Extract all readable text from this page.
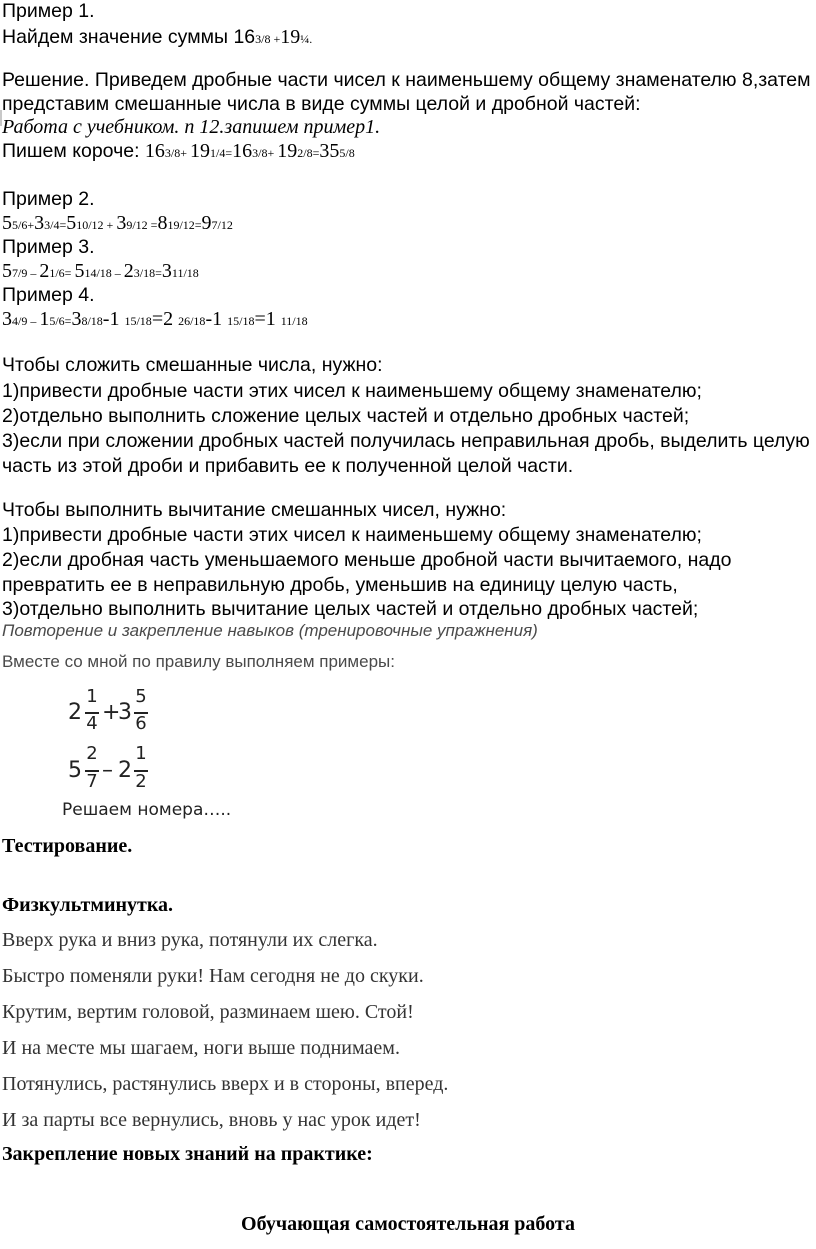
Пример 1.
Найдем значение суммы 163/8 +19¼.
Решение. Приведем дробные части чисел к наименьшему общему знаменателю 8,затем
представим смешанные числа в виде суммы целой и дробной частей:
Работа с учебником. п 12.запишем пример1.
Пишем короче: 163/8+ 191/4=163/8+ 192/8=355/8
Пример 2.
55/6+33/4=510/12 + 39/12 =819/12=97/12
Пример 3.
57/9 – 21/6= 514/18 – 23/18=311/18
Пример 4.
34/9 – 15/6=38/18-1 15/18=2 26/18-1 15/18=1 11/18
Чтобы сложить смешанные числа, нужно:
1)привести дробные части этих чисел к наименьшему общему знаменателю;
2)отдельно выполнить сложение целых частей и отдельно дробных частей;
3)если при сложении дробных частей получилась неправильная дробь, выделить целую
часть из этой дроби и прибавить ее к полученной целой части.
Чтобы выполнить вычитание смешанных чисел, нужно:
1)привести дробные части этих чисел к наименьшему общему знаменателю;
2)если дробная часть уменьшаемого меньше дробной части вычитаемого, надо
превратить ее в неправильную дробь, уменьшив на единицу целую часть,
3)отдельно выполнить вычитание целых частей и отдельно дробных частей;
Повторение и закрепление навыков (тренировочные упражнения)
Вместе со мной по правилу выполняем примеры:
2
1
4 +
3
5
6
5
2
7 – 2
1
2
Решаем номера…..
Тестирование.
Физкультминутка.
Вверх рука и вниз рука, потянули их слегка.
Быстро поменяли руки! Нам сегодня не до скуки.
Крутим, вертим головой, разминаем шею. Стой!
И на месте мы шагаем, ноги выше поднимаем.
Потянулись, растянулись вверх и в стороны, вперед.
И за парты все вернулись, вновь у нас урок идет!
Закрепление новых знаний на практике:
Обучающая самостоятельная работа
